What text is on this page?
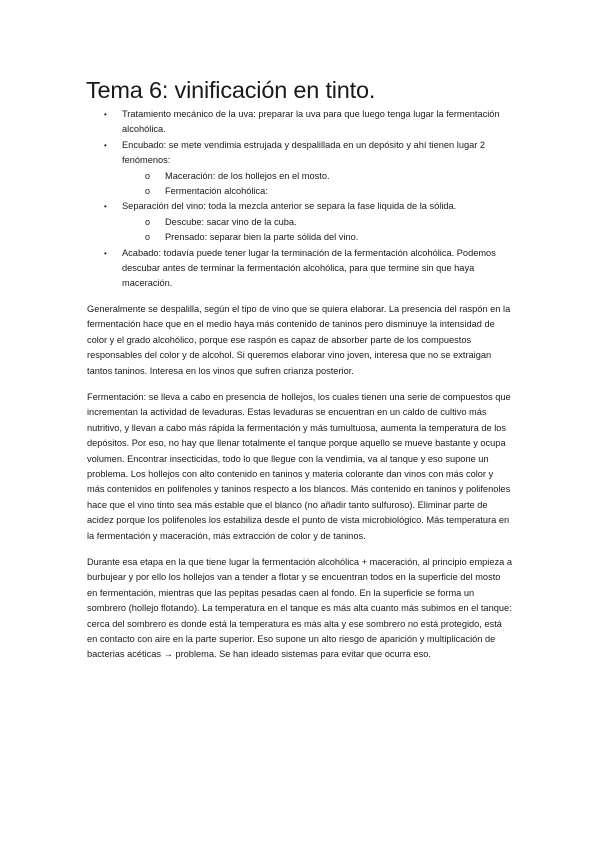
Tema 6: vinificación en tinto.
• Tratamiento mecánico de la uva: preparar la uva para que luego tenga lugar la fermentación alcohólica.
• Encubado: se mete vendimia estrujada y despalillada en un depósito y ahí tienen lugar 2 fenómenos:
o Maceración: de los hollejos en el mosto.
o Fermentación alcohólica:
• Separación del vino: toda la mezcla anterior se separa la fase liquida de la sólida.
o Descube: sacar vino de la cuba.
o Prensado: separar bien la parte sólida del vino.
• Acabado: todavía puede tener lugar la terminación de la fermentación alcohólica. Podemos descubar antes de terminar la fermentación alcohólica, para que termine sin que haya maceración.

Generalmente se despalilla, según el tipo de vino que se quiera elaborar. La presencia del raspón en la fermentación hace que en el medio haya más contenido de taninos pero disminuye la intensidad de color y el grado alcohólico, porque ese raspón es capaz de absorber parte de los compuestos responsables del color y de alcohol. Si queremos elaborar vino joven, interesa que no se extraigan tantos taninos. Interesa en los vinos que sufren crianza posterior.

Fermentación: se lleva a cabo en presencia de hollejos, los cuales tienen una serie de compuestos que incrementan la actividad de levaduras. Estas levaduras se encuentran en un caldo de cultivo más nutritivo, y llevan a cabo más rápida la fermentación y más tumultuosa, aumenta la temperatura de los depósitos. Por eso, no hay que llenar totalmente el tanque porque aquello se mueve bastante y ocupa volumen. Encontrar insecticidas, todo lo que llegue con la vendimia, va al tanque y eso supone un problema. Los hollejos con alto contenido en taninos y materia colorante dan vinos con más color y más contenidos en polifenoles y taninos respecto a los blancos. Más contenido en taninos y polifenoles hace que el vino tinto sea más estable que el blanco (no añadir tanto sulfuroso). Eliminar parte de acidez porque los polifenoles los estabiliza desde el punto de vista microbiológico. Más temperatura en la fermentación y maceración, más extracción de color y de taninos.

Durante esa etapa en la que tiene lugar la fermentación alcohólica + maceración, al principio empieza a burbujear y por ello los hollejos van a tender a flotar y se encuentran todos en la superficie del mosto en fermentación, mientras que las pepitas pesadas caen al fondo. En la superficie se forma un sombrero (hollejo flotando). La temperatura en el tanque es más alta cuanto más subimos en el tanque: cerca del sombrero es donde está la temperatura es más alta y ese sombrero no está protegido, está en contacto con aire en la parte superior. Eso supone un alto riesgo de aparición y multiplicación de bacterias acéticas → problema. Se han ideado sistemas para evitar que ocurra eso.
